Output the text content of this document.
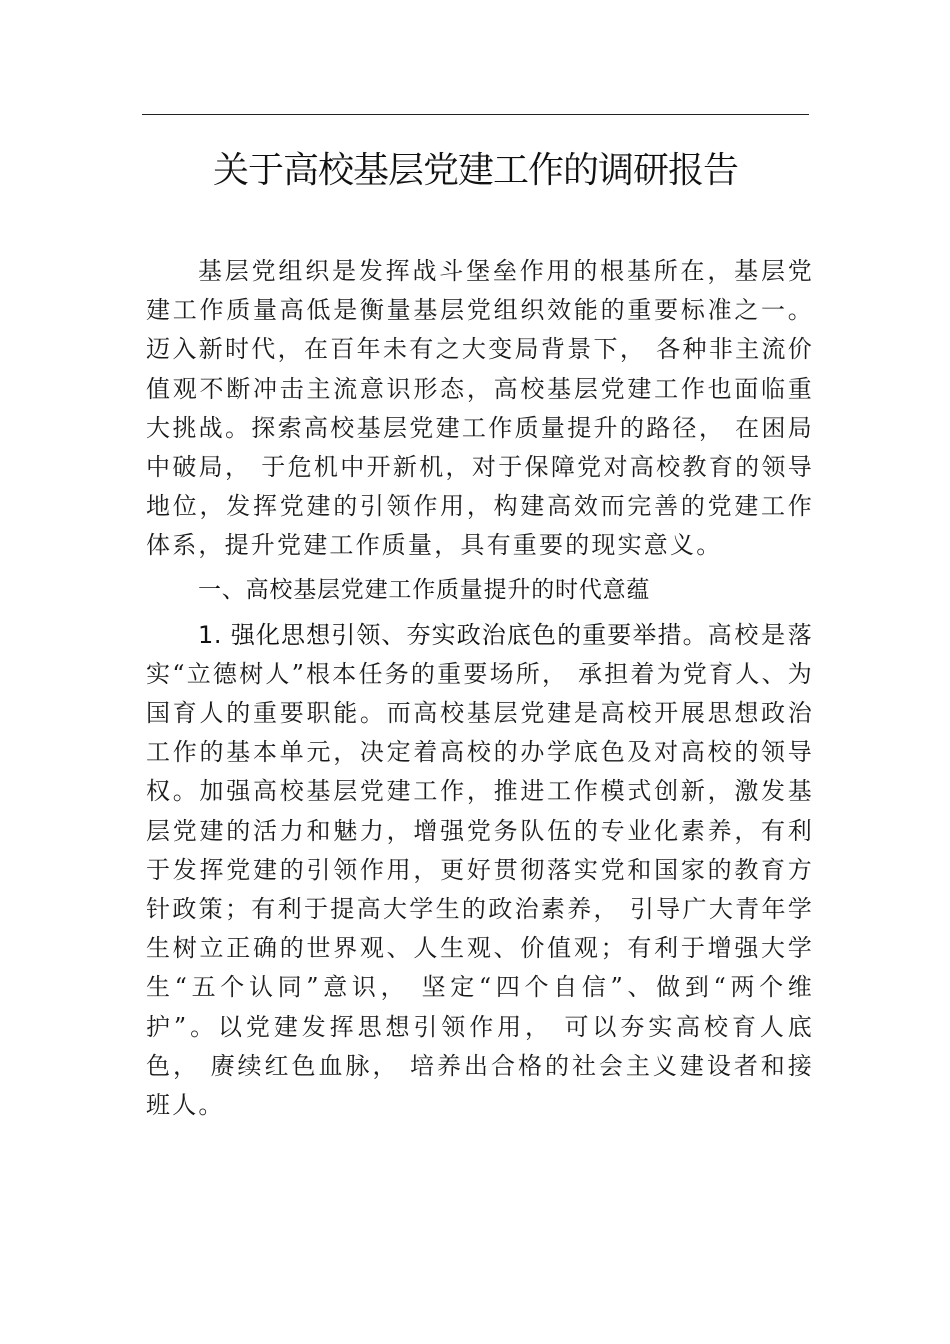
关于高校基层党建工作的调研报告

基层党组织是发挥战斗堡垒作用的根基所在，基层党建工作质量高低是衡量基层党组织效能的重要标准之一。迈入新时代，在百年未有之大变局背景下， 各种非主流价值观不断冲击主流意识形态，高校基层党建工作也面临重大挑战。探索高校基层党建工作质量提升的路径， 在困局中破局， 于危机中开新机，对于保障党对高校教育的领导地位，发挥党建的引领作用，构建高效而完善的党建工作体系，提升党建工作质量，具有重要的现实意义。

一、高校基层党建工作质量提升的时代意蕴

1. 强化思想引领、夯实政治底色的重要举措。高校是落实“立德树人”根本任务的重要场所， 承担着为党育人、为国育人的重要职能。而高校基层党建是高校开展思想政治工作的基本单元，决定着高校的办学底色及对高校的领导权。加强高校基层党建工作，推进工作模式创新，激发基层党建的活力和魅力，增强党务队伍的专业化素养，有利于发挥党建的引领作用，更好贯彻落实党和国家的教育方针政策；有利于提高大学生的政治素养， 引导广大青年学生树立正确的世界观、人生观、价值观；有利于增强大学生“五个认同”意识， 坚定“四个自信”、做到“两个维护”。以党建发挥思想引领作用， 可以夯实高校育人底色， 赓续红色血脉， 培养出合格的社会主义建设者和接班人。
